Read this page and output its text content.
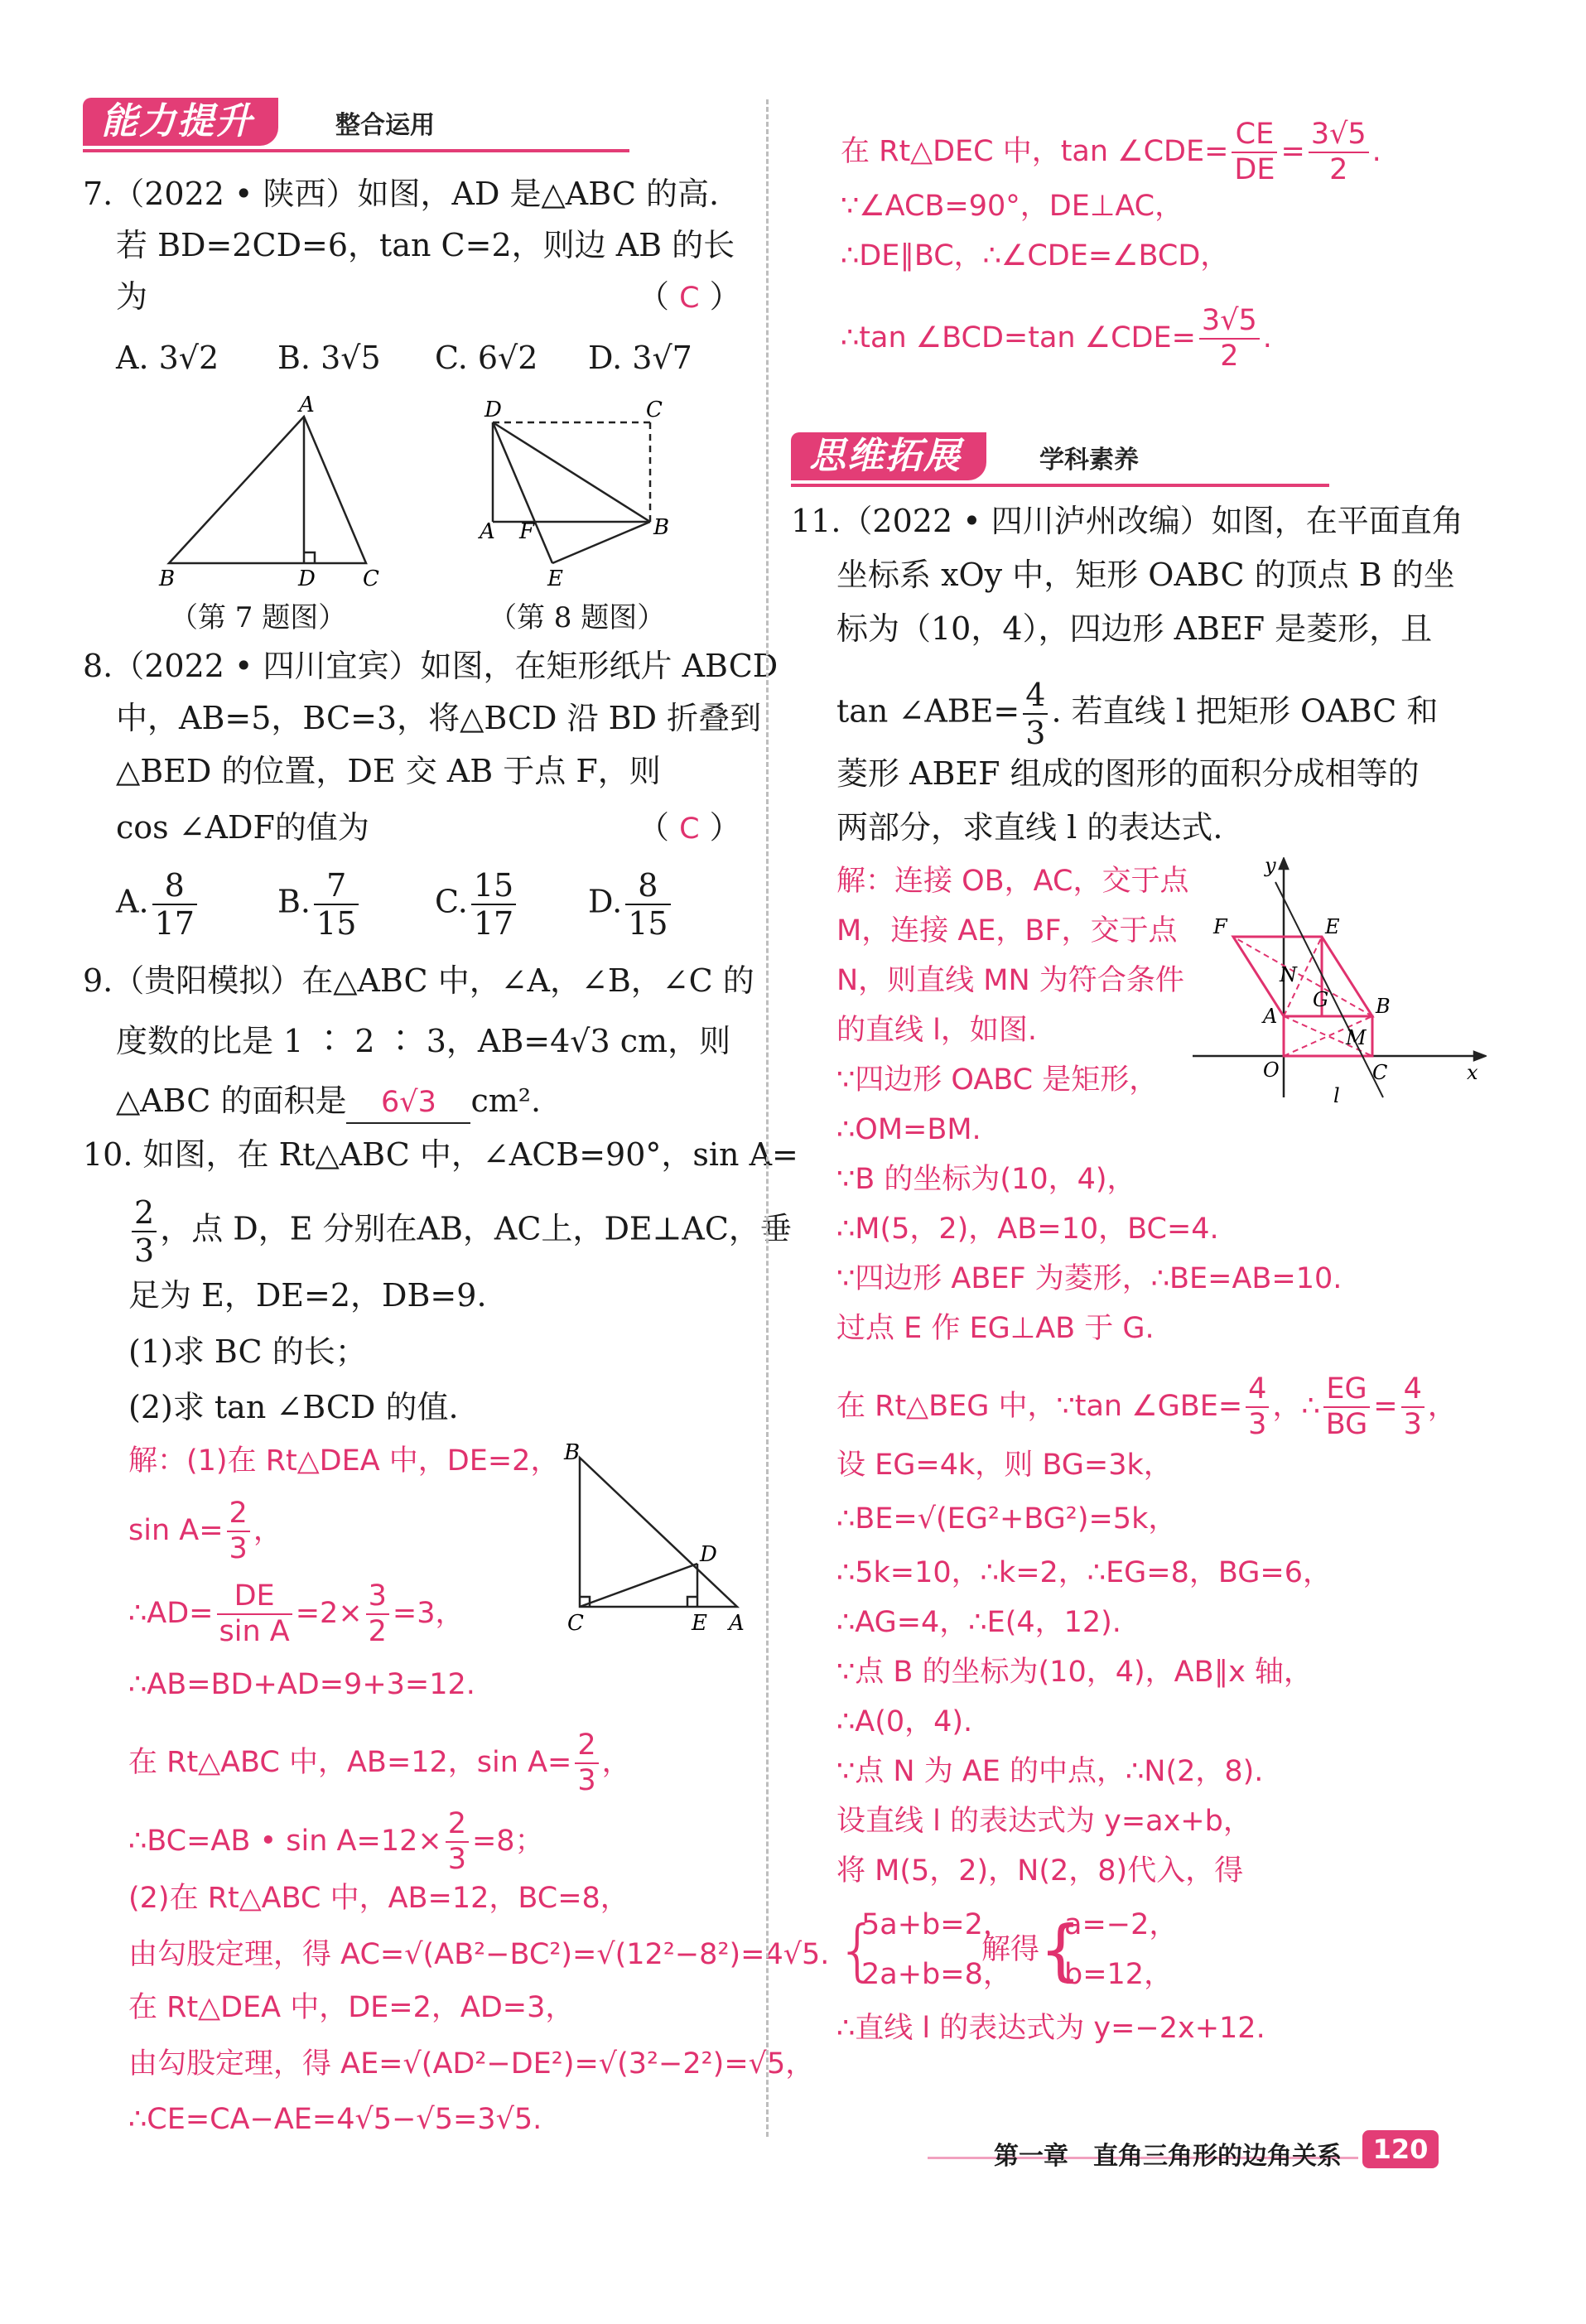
能力提升	整合运用
7.（2022 • 陕西）如图，AD 是△ABC 的高.
若 BD=2CD=6，tan C=2，则边 AB 的长
为	（ C ）
A. 3√2 B. 3√5 C. 6√2 D. 3√7
A
B	D C
（第 7 题图）
D	C
A F	B
E
（第 8 题图）
8.（2022 • 四川宜宾）如图，在矩形纸片 ABCD
中，AB=5，BC=3，将△BCD 沿 BD 折叠到
△BED 的位置，DE 交 AB 于点 F，则
cos ∠ADF的值为	（ C ）
A. $\frac{8}{17}$	B. $\frac{7}{15} C$. $\frac{15}{17} D$. $\frac{8}{15}$
9.（贵阳模拟）在△ABC 中，∠A，∠B，∠C 的
度数的比是 1 ∶ 2 ∶ 3，AB=4√3 cm，则
△ABC 的面积是 6√3 cm².
10. 如图，在 Rt△ABC 中，∠ACB=90°，sin A=
$\frac{2}{3}$ ，点 D，E 分别在AB，AC上，DE⊥AC，垂
足为 E，DE=2，DB=9.
(1)求 BC 的长；
(2)求 tan ∠BCD 的值.
解：(1)在 Rt△DEA 中，DE=2，
$\sin A= \frac{2}{3}$ ，
∴AD= $\frac{DE}{\text{sin A}} =2\times \frac{3}{2} =3$，
∴AB=BD+AD=9+3=12.
在 Rt△ABC 中，AB=12，$\sin A= \frac{2}{3}$ ，
∴BC=AB • $\sin A=12\times \frac{2}{3} =8$；
(2)在 Rt△ABC 中，AB=12，BC=8，
由勾股定理，得 AC=√(AB²−BC²)=√(12²−8²)=4√5.
在 Rt△DEA 中，DE=2，AD=3，
由勾股定理，得 AE=√(AD²−DE²)=√(3²−2²)=√5，
∴CE=CA−AE=4√5−√5=3√5.
B
D
C	E A
在 Rt△DEC 中，tan ∠CDE= $\frac{CE}{DE} = \frac{3√5}{2}$ .
∵∠ACB=90°，DE⊥AC，
∴DE∥BC，∴∠CDE=∠BCD，
∴tan ∠BCD=tan ∠CDE= $\frac{3√5}{2}$ .
思维拓展	学科素养
11.（2022 • 四川泸州改编）如图，在平面直角
坐标系 xOy 中，矩形 OABC 的顶点 B 的坐
标为（10，4），四边形 ABEF 是菱形，且
tan ∠ABE= $\frac{4}{3}$ . 若直线 l 把矩形 OABC 和
菱形 ABEF 组成的图形的面积分成相等的
两部分，求直线 l 的表达式.
解：连接 OB，AC，交于点
M，连接 AE，BF，交于点
N，则直线 MN 为符合条件
的直线 l，如图.
∵四边形 OABC 是矩形，
∴OM=BM.
∵B 的坐标为(10，4)，
∴M(5，2)，AB=10，BC=4.
∵四边形 ABEF 为菱形，∴BE=AB=10.
过点 E 作 EG⊥AB 于 G.
在 Rt△BEG 中，∵tan ∠GBE= $\frac{4}{3}$ ，∴ $\frac{EG}{BG} = \frac{4}{3}$ ，
设 EG=4k，则 BG=3k，
∴BE=√(EG²+BG²)=5k，
∴5k=10，∴k=2，∴EG=8，BG=6，
∴AG=4，∴E(4，12).
∵点 B 的坐标为(10，4)，AB∥x 轴，
∴A(0，4).
∵点 N 为 AE 的中点，∴N(2，8).
设直线 l 的表达式为 y=ax+b，
将 M(5，2)，N(2，8)代入，得
{
5a+b=2，
2a+b=8，
解得 {
a=−2，
b=12，
∴直线 l 的表达式为 y=−2x+12.
y
x
O
A	B
C
E
F
G
M
N
l
第一章　直角三角形的边角关系	120
